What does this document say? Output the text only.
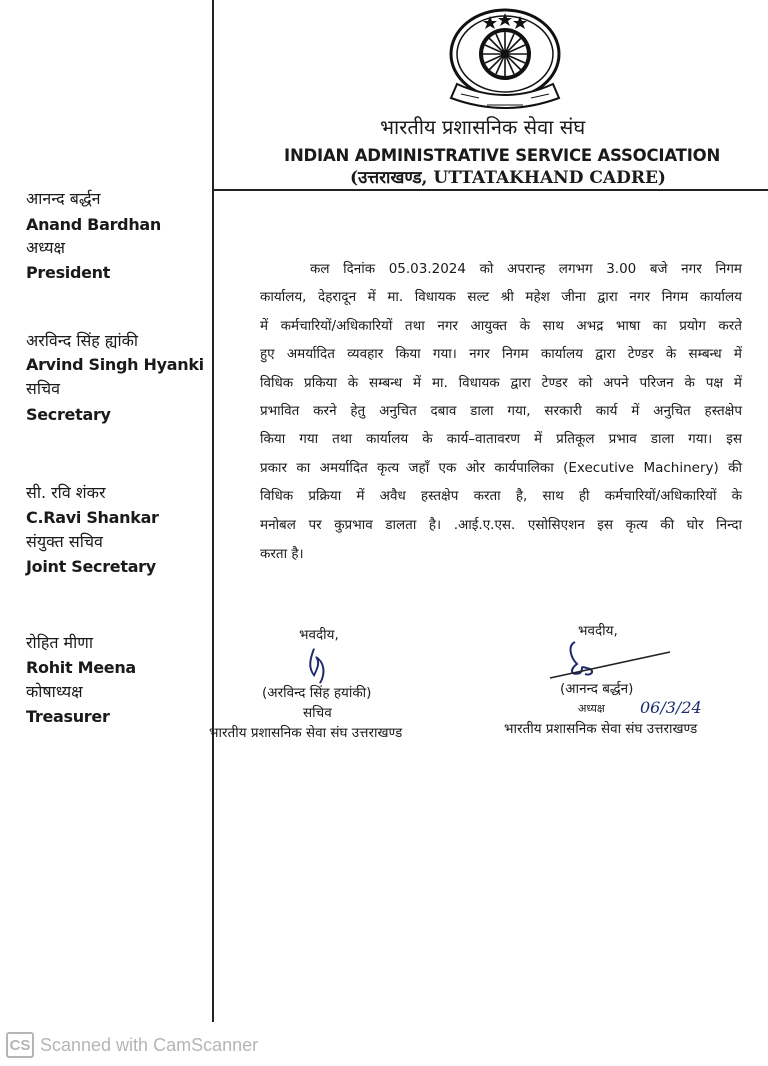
भारतीय प्रशासनिक सेवा संघ
INDIAN ADMINISTRATIVE SERVICE ASSOCIATION
(उत्तराखण्ड, UTTATAKHAND CADRE)
आनन्द बर्द्धन
Anand Bardhan
अध्यक्ष
President
अरविन्द सिंह ह्यांकी
Arvind Singh Hyanki
सचिव
Secretary
सी. रवि शंकर
C.Ravi Shankar
संयुक्त सचिव
Joint Secretary
रोहित मीणा
Rohit Meena
कोषाध्यक्ष
Treasurer
कल दिनांक 05.03.2024 को अपरान्ह लगभग 3.00 बजे नगर निगम
कार्यालय, देहरादून में मा. विधायक सल्ट श्री महेश जीना द्वारा नगर निगम कार्यालय
में कर्मचारियों/अधिकारियों तथा नगर आयुक्त के साथ अभद्र भाषा का प्रयोग करते
हुए अमर्यादित व्यवहार किया गया। नगर निगम कार्यालय द्वारा टेण्डर के सम्बन्ध में
विधिक प्रकिया के सम्बन्ध में मा. विधायक द्वारा टेण्डर को अपने परिजन के पक्ष में
प्रभावित करने हेतु अनुचित दबाव डाला गया, सरकारी कार्य में अनुचित हस्तक्षेप
किया गया तथा कार्यालय के कार्य–वातावरण में प्रतिकूल प्रभाव डाला गया। इस
प्रकार का अमर्यादित कृत्य जहाँ एक ओर कार्यपालिका (Executive Machinery) की
विधिक प्रक्रिया में अवैध हस्तक्षेप करता है, साथ ही कर्मचारियों/अधिकारियों के
मनोबल पर कुप्रभाव डालता है। .आई.ए.एस. एसोसिएशन इस कृत्य की घोर निन्दा
करता है।
भवदीय,
(अरविन्द सिंह हयांकी)
सचिव
भारतीय प्रशासनिक सेवा संघ उत्तराखण्ड
भवदीय,
(आनन्द बर्द्धन)
अध्यक्ष 06/3/24
भारतीय प्रशासनिक सेवा संघ उत्तराखण्ड
CS Scanned with CamScanner
